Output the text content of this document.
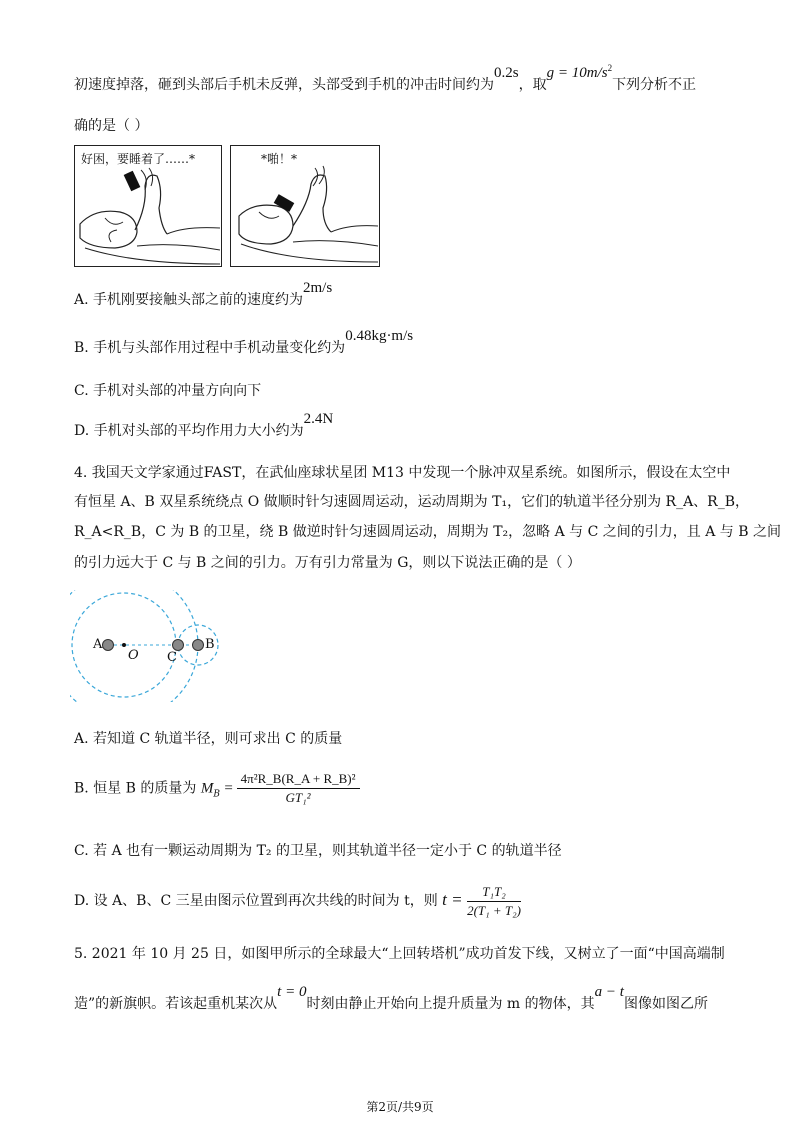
初速度掉落，砸到头部后手机未反弹，头部受到手机的冲击时间约为0.2s，取$g = 10m/s^2$下列分析不正
确的是（ ）
好困，要睡着了……*	*啪！*
A. 手机刚要接触头部之前的速度约为2m/s
B. 手机与头部作用过程中手机动量变化约为0.48kg·m/s
C. 手机对头部的冲量方向向下
D. 手机对头部的平均作用力大小约为2.4N
4. 我国天文学家通过FAST，在武仙座球状星团 M13 中发现一个脉冲双星系统。如图所示，假设在太空中
有恒星 A、B 双星系统绕点 O 做顺时针匀速圆周运动，运动周期为 T₁，它们的轨道半径分别为 R_A、R_B，
R_A<R_B，C 为 B 的卫星，绕 B 做逆时针匀速圆周运动，周期为 T₂，忽略 A 与 C 之间的引力，且 A 与 B 之间
的引力远大于 C 与 B 之间的引力。万有引力常量为 G，则以下说法正确的是（ ）
A
O C
B
A. 若知道 C 轨道半径，则可求出 C 的质量
B. 恒星 B 的质量为 $M_B = \frac{\text{4π²R\_B(R\_A + R\_B)²}}{\text{GT₁²}}$
C. 若 A 也有一颗运动周期为 T₂ 的卫星，则其轨道半径一定小于 C 的轨道半径
D. 设 A、B、C 三星由图示位置到再次共线的时间为 t，则 $t = \frac{\text{T₁T₂}}{\text{2(T₁ + T₂)}}$
5. 2021 年 10 月 25 日，如图甲所示的全球最大“上回转塔机”成功首发下线，又树立了一面“中国高端制
造”的新旗帜。若该起重机某次从t = 0时刻由静止开始向上提升质量为 m 的物体，其a − t图像如图乙所
第2页/共9页
